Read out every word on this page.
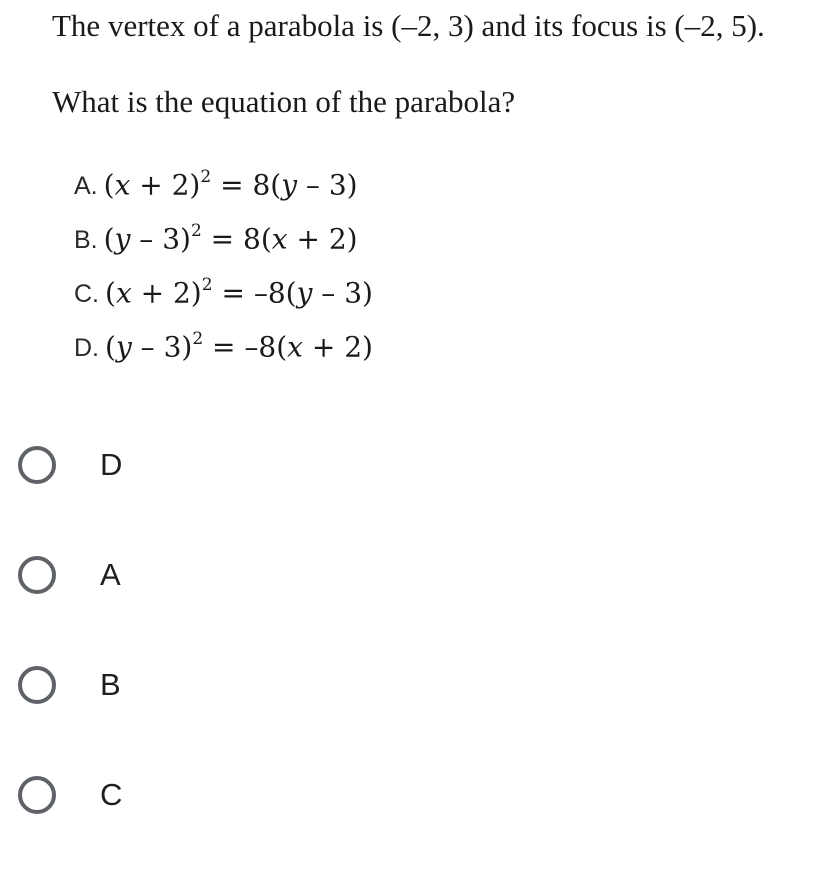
The vertex of a parabola is (–2, 3) and its focus is (–2, 5).

What is the equation of the parabola?

A. $(x + 2)^2 = 8(y - 3)$
B. (y – 3)$^2$ = 8(x + 2)
C. $(x + 2)^2 = -8(y - 3)$
D. (y – 3)$^2$ = –8(x + 2)
D
A
B
C
